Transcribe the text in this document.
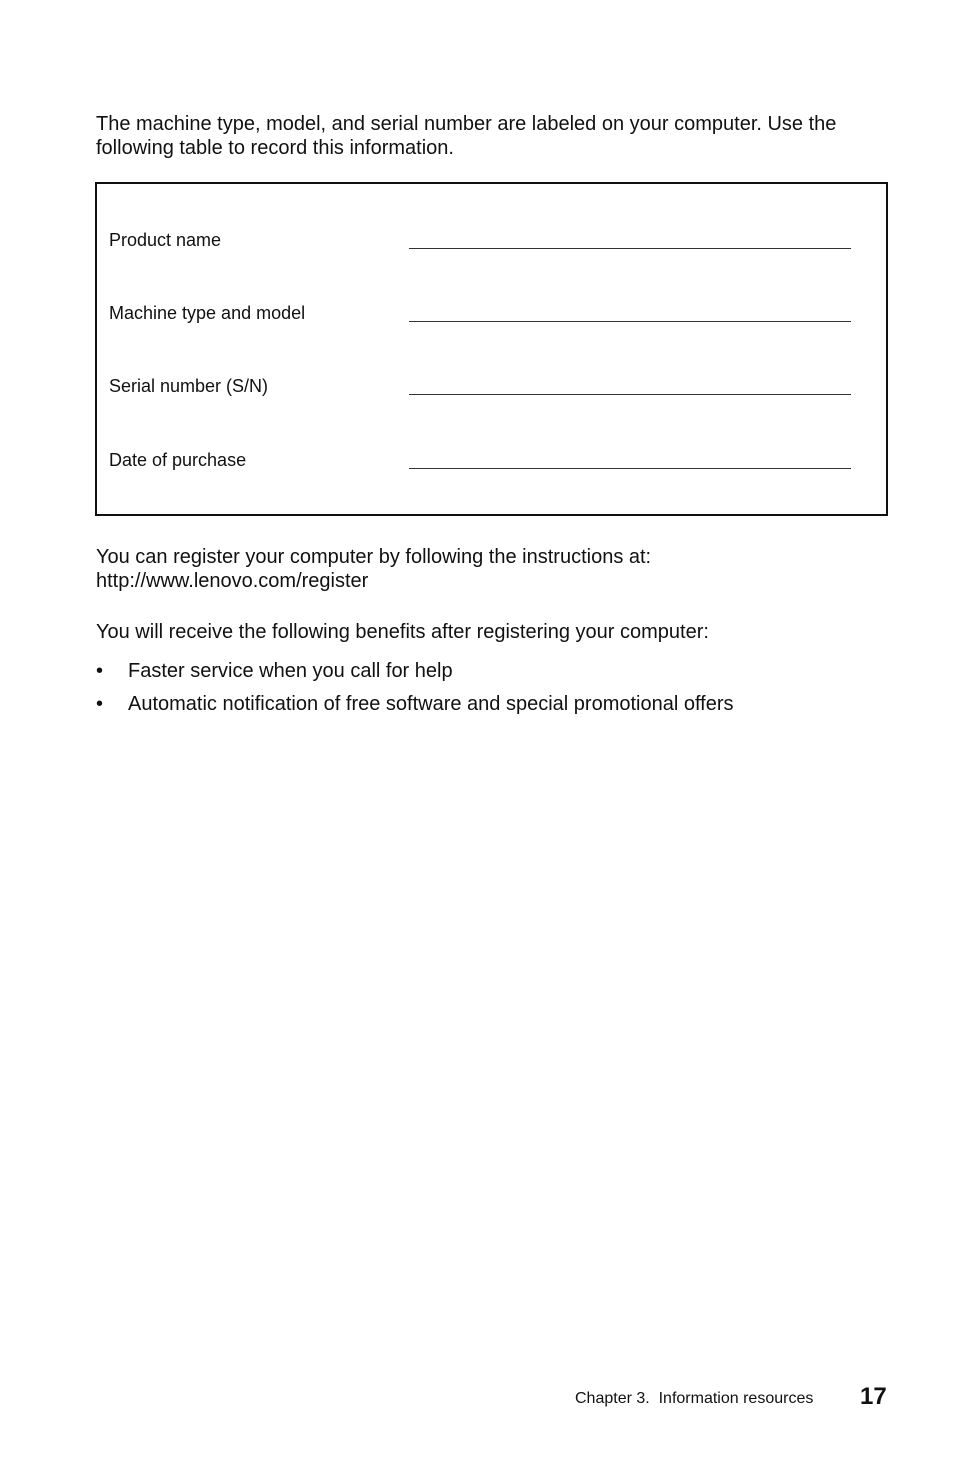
The machine type, model, and serial number are labeled on your computer. Use the following table to record this information.

Product name
Machine type and model
Serial number (S/N)
Date of purchase

You can register your computer by following the instructions at:
http://www.lenovo.com/register

You will receive the following benefits after registering your computer:

• Faster service when you call for help
• Automatic notification of free software and special promotional offers
Chapter 3.  Information resources 17
